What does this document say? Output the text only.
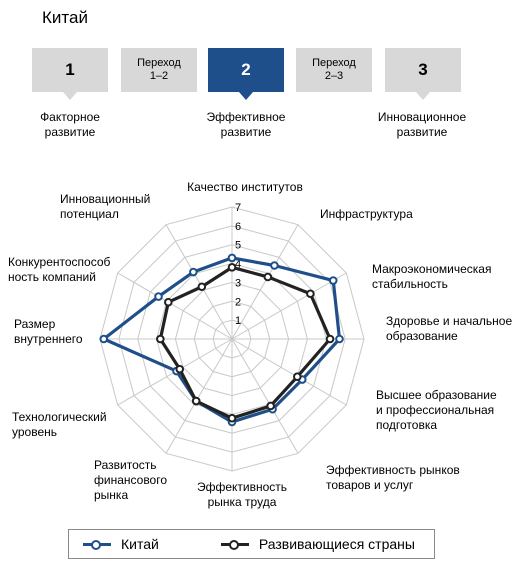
Китай
1	Переход
1–2	2	Переход
2–3	3
Факторное
развитие
Эффективное
развитие
Инновационное
развитие
1
2
3
4
5
6
7
Качество институтов
Инфраструктура
Макроэкономическая стабильность
Здоровье и начальное образование
Высшее образование и профессиональная подготовка
Эффективность рынков товаров и услуг
Эффективность рынка труда
Развитость финансового рынка
Технологический уровень
Размер внутреннего
Конкурентоспособ ность компаний
Инновационный потенциал
Китай	Развивающиеся страны
